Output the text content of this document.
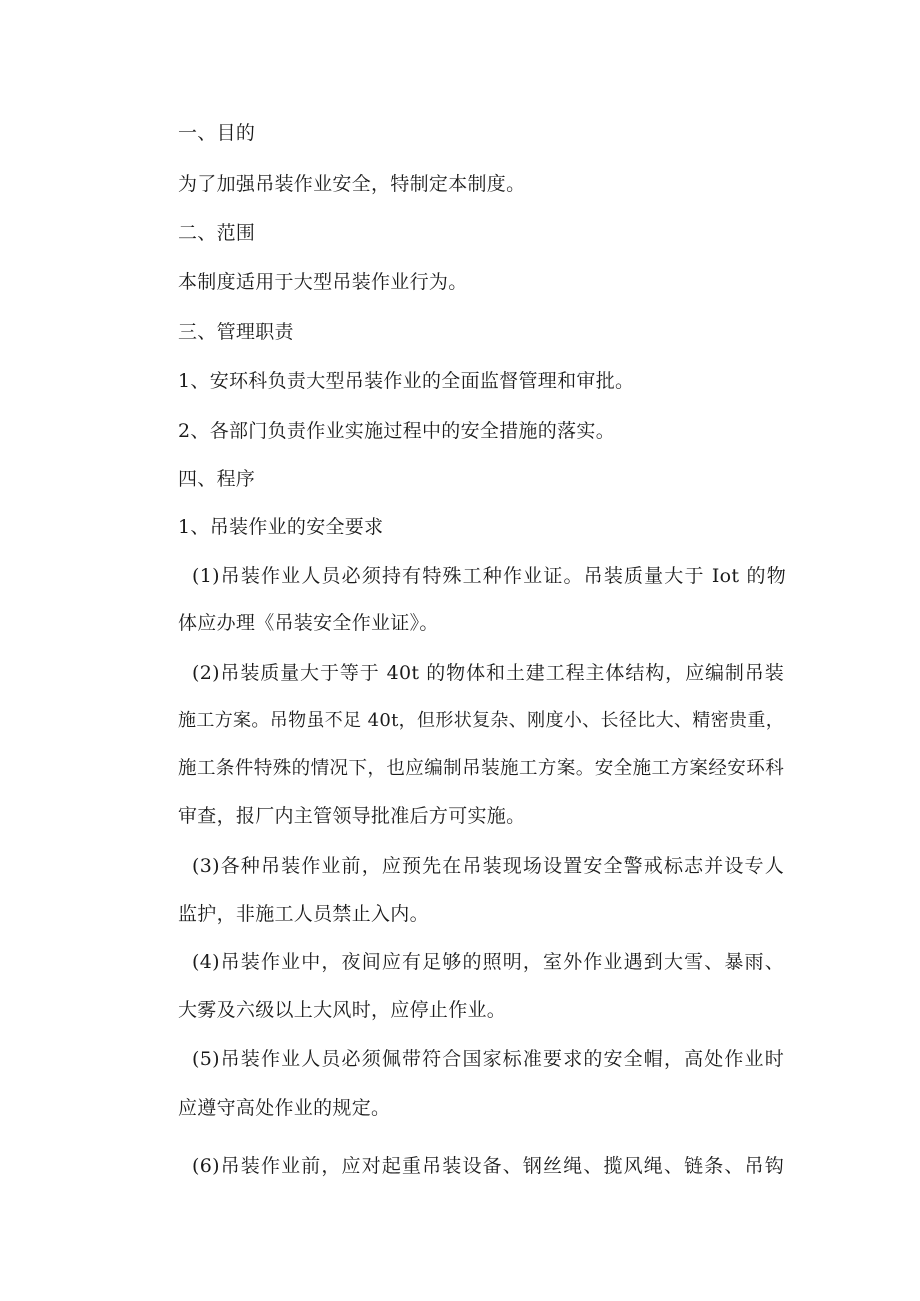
一、目的
为了加强吊装作业安全，特制定本制度。
二、范围
本制度适用于大型吊装作业行为。
三、管理职责
1、安环科负责大型吊装作业的全面监督管理和审批。
2、各部门负责作业实施过程中的安全措施的落实。
四、程序
1、吊装作业的安全要求
(1)吊装作业人员必须持有特殊工种作业证。吊装质量大于 Iot 的物
体应办理《吊装安全作业证》。
(2)吊装质量大于等于 40t 的物体和土建工程主体结构，应编制吊装
施工方案。吊物虽不足 40t，但形状复杂、刚度小、长径比大、精密贵重，
施工条件特殊的情况下，也应编制吊装施工方案。安全施工方案经安环科
审查，报厂内主管领导批准后方可实施。
(3)各种吊装作业前，应预先在吊装现场设置安全警戒标志并设专人
监护，非施工人员禁止入内。
(4)吊装作业中，夜间应有足够的照明，室外作业遇到大雪、暴雨、
大雾及六级以上大风时，应停止作业。
(5)吊装作业人员必须佩带符合国家标准要求的安全帽，高处作业时
应遵守高处作业的规定。
(6)吊装作业前，应对起重吊装设备、钢丝绳、揽风绳、链条、吊钩
